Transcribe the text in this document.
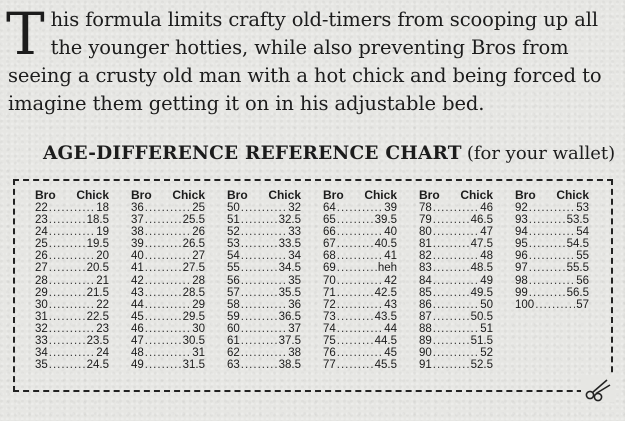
T his formula limits crafty old-timers from scooping up all the younger hotties, while also preventing Bros from seeing a crusty old man with a hot chick and being forced to imagine them getting it on in his adjustable bed.
AGE-DIFFERENCE REFERENCE CHART (for your wallet)
Bro Chick
22 .....	18
23 .....	18.5
24 .....	19
25 .....	19.5
26 .....	20
27 .....	20.5
28 .....	21
29 .....	21.5
30 .....	22
31 .....	22.5
32 .....	23
33 .....	23.5
34 .....	24
35 .....	24.5
Bro Chick
36 .....	25
37 .....	25.5
38 .....	26
39 .....	26.5
40 .....	27
41 .....	27.5
42 .....	28
43 .....	28.5
44 .....	29
45 .....	29.5
46 .....	30
47 .....	30.5
48 .....	31
49 .....	31.5
Bro Chick
50 .....	32
51 .....	32.5
52 .....	33
53 .....	33.5
54 .....	34
55 .....	34.5
56 .....	35
57 .....	35.5
58 .....	36
59 .....	36.5
60 .....	37
61 .....	37.5
62 .....	38
63 .....	38.5
Bro Chick
64 .....	39
65 .....	39.5
66 .....	40
67 .....	40.5
68 .....	41
69 .....	heh
70 .....	42
71 .....	42.5
72 .....	43
73 .....	43.5
74 .....	44
75 .....	44.5
76 .....	45
77 .....	45.5
Bro Chick
78 .....	46
79 .....	46.5
80 .....	47
81 .....	47.5
82 .....	48
83 .....	48.5
84 .....	49
85 .....	49.5
86 .....	50
87 .....	50.5
88 .....	51
89 .....	51.5
90 .....	52
91 .....	52.5
Bro Chick
92 .....	53
93 .....	53.5
94 .....	54
95 .....	54.5
96 .....	55
97 .....	55.5
98 .....	56
99 .....	56.5
100 .....	57
